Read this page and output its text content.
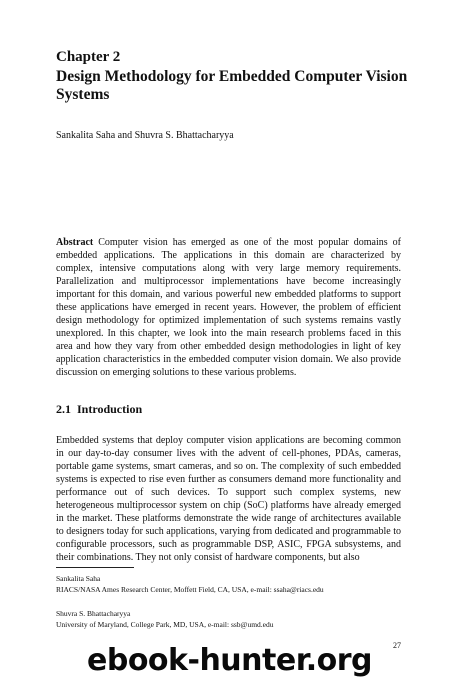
Chapter 2
Design Methodology for Embedded Computer Vision Systems
Sankalita Saha and Shuvra S. Bhattacharyya

Abstract Computer vision has emerged as one of the most popular domains of embedded applications. The applications in this domain are characterized by complex, intensive computations along with very large memory requirements. Parallelization and multiprocessor implementations have become increasingly important for this domain, and various powerful new embedded platforms to support these applications have emerged in recent years. However, the problem of efficient design methodology for optimized implementation of such systems remains vastly unexplored. In this chapter, we look into the main research problems faced in this area and how they vary from other embedded design methodologies in light of key application characteristics in the embedded computer vision domain. We also provide discussion on emerging solutions to these various problems.

2.1 Introduction

Embedded systems that deploy computer vision applications are becoming common in our day-to-day consumer lives with the advent of cell-phones, PDAs, cameras, portable game systems, smart cameras, and so on. The complexity of such embedded systems is expected to rise even further as consumers demand more functionality and performance out of such devices. To support such complex systems, new heterogeneous multiprocessor system on chip (SoC) platforms have already emerged in the market. These platforms demonstrate the wide range of architectures available to designers today for such applications, varying from dedicated and programmable to configurable processors, such as programmable DSP, ASIC, FPGA subsystems, and their combinations. They not only consist of hardware components, but also

Sankalita Saha
RIACS/NASA Ames Research Center, Moffett Field, CA, USA, e-mail: ssaha@riacs.edu
Shuvra S. Bhattacharyya
University of Maryland, College Park, MD, USA, e-mail: ssb@umd.edu
27
ebook-hunter.org
